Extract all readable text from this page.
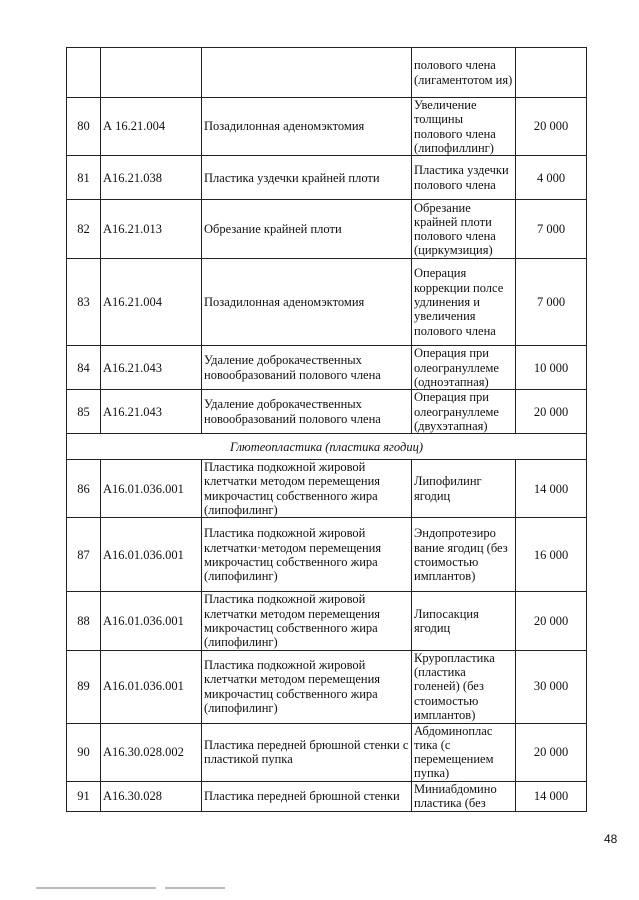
			полового члена (лигаментотом ия)	
80	А 16.21.004	Позадилонная аденомэктомия	Увеличение толщины полового члена (липофиллинг)	20 000
81	A16.21.038	Пластика уздечки крайней плоти	Пластика уздечки полового члена	4 000
82	A16.21.013	Обрезание крайней плоти	Обрезание крайней плоти полового члена (циркумзиция)	7 000
83	A16.21.004	Позадилонная аденомэктомия	Операция коррекции полсе удлинения и увеличения полового члена	7 000
84	A16.21.043	Удаление доброкачественных новообразований полового члена	Операция при олеогрануллеме (одноэтапная)	10 000
85	A16.21.043	Удаление доброкачественных новообразований полового члена	Операция при олеогрануллеме (двухэтапная)	20 000
Глютеопластика (пластика ягодиц)				
86	A16.01.036.001	Пластика подкожной жировой клетчатки методом перемещения микрочастиц собственного жира (липофилинг)	Липофилинг ягодиц	14 000
87	A16.01.036.001	Пластика подкожной жировой клетчатки·методом перемещения микрочастиц собственного жира (липофилинг)	Эндопротезиро вание ягодиц (без стоимостью имплантов)	16 000
88	A16.01.036.001	Пластика подкожной жировой клетчатки методом перемещения микрочастиц собственного жира (липофилинг)	Липосакция ягодиц	20 000
89	A16.01.036.001	Пластика подкожной жировой клетчатки методом перемещения микрочастиц собственного жира (липофилинг)	Круропластика (пластика голеней) (без стоимостью имплантов)	30 000
90	A16.30.028.002	Пластика передней брюшной стенки с пластикой пупка	Абдоминоплас тика (с перемещением пупка)	20 000
91	A16.30.028	Пластика передней брюшной стенки	Миниабдомино пластика (без	14 000
48
